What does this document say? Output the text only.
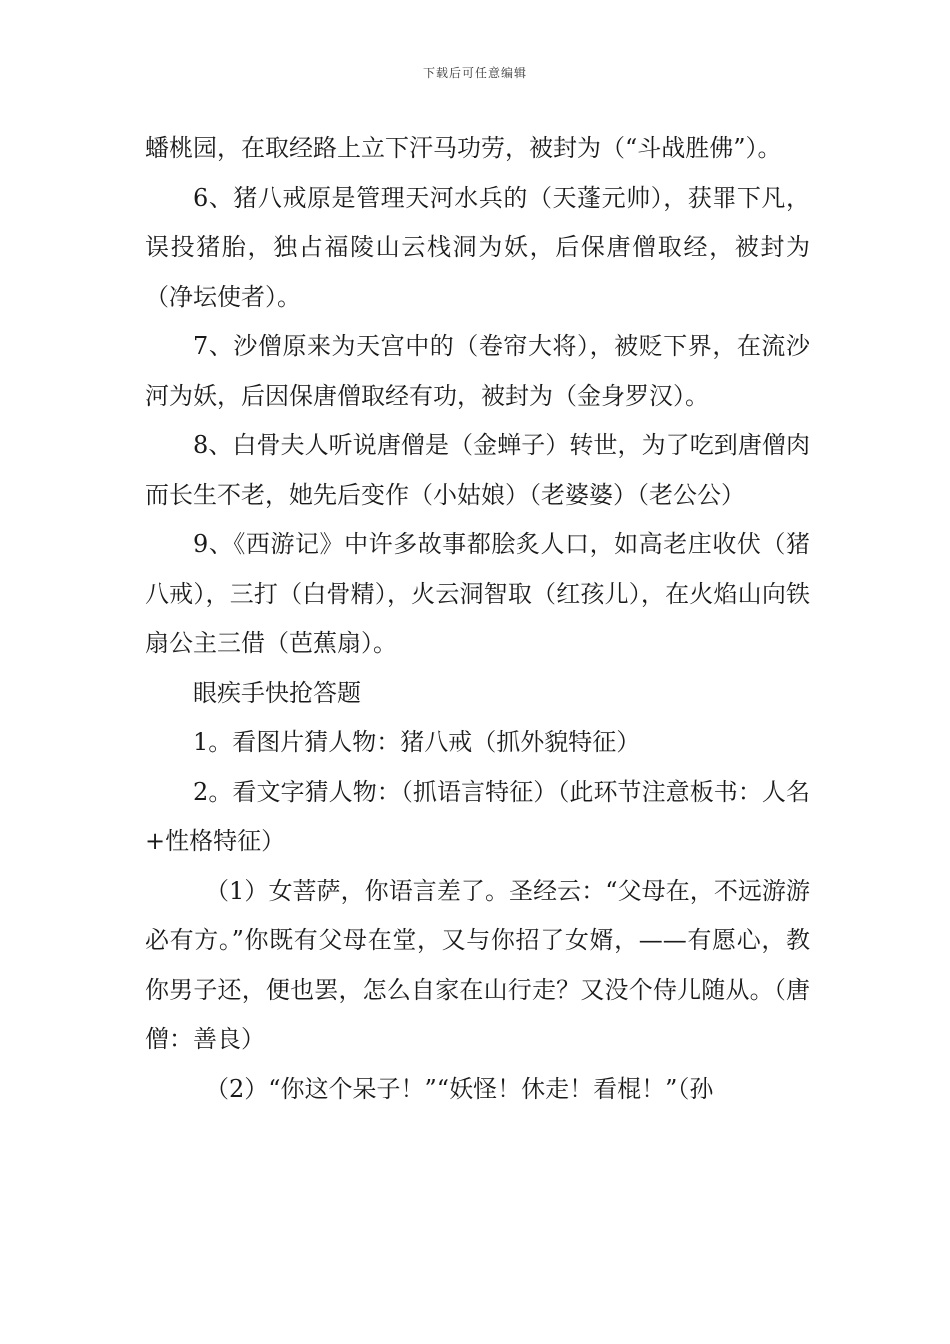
下载后可任意编辑

蟠桃园，在取经路上立下汗马功劳，被封为（“斗战胜佛”）。

6、猪八戒原是管理天河水兵的（天蓬元帅），获罪下凡，误投猪胎，独占福陵山云栈洞为妖，后保唐僧取经，被封为（净坛使者）。

7、沙僧原来为天宫中的（卷帘大将），被贬下界，在流沙河为妖，后因保唐僧取经有功，被封为（金身罗汉）。

8、白骨夫人听说唐僧是（金蝉子）转世，为了吃到唐僧肉而长生不老，她先后变作（小姑娘）（老婆婆）（老公公）

9、《西游记》中许多故事都脍炙人口，如高老庄收伏（猪八戒），三打（白骨精），火云洞智取（红孩儿），在火焰山向铁扇公主三借（芭蕉扇）。

眼疾手快抢答题

1。看图片猜人物：猪八戒（抓外貌特征）

2。看文字猜人物：（抓语言特征）（此环节注意板书：人名+性格特征）

（1）女菩萨，你语言差了。圣经云：“父母在，不远游游必有方。”你既有父母在堂，又与你招了女婿，——有愿心，教你男子还，便也罢，怎么自家在山行走？又没个侍儿随从。（唐僧：善良）

（2）“你这个呆子！”“妖怪！休走！看棍！”（孙
